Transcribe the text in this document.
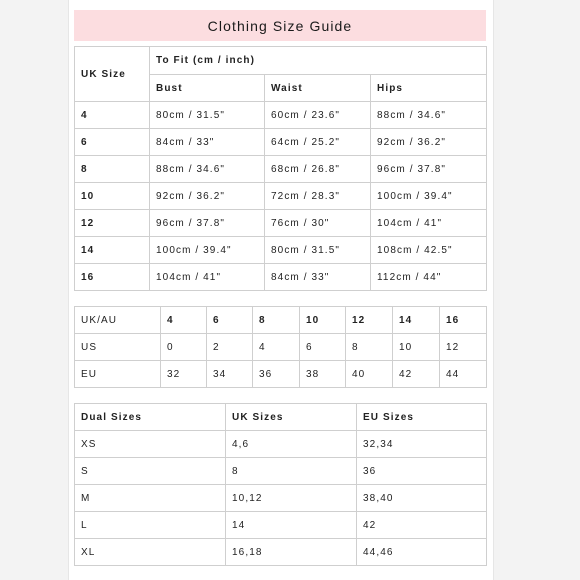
Clothing Size Guide
UK Size	To Fit (cm / inch)		
	Bust	Waist	Hips
4	80cm / 31.5"	60cm / 23.6"	88cm / 34.6"
6	84cm / 33"	64cm / 25.2"	92cm / 36.2"
8	88cm / 34.6"	68cm / 26.8"	96cm / 37.8"
10	92cm / 36.2"	72cm / 28.3"	100cm / 39.4"
12	96cm / 37.8"	76cm / 30"	104cm / 41"
14	100cm / 39.4"	80cm / 31.5"	108cm / 42.5"
16	104cm / 41"	84cm / 33"	112cm / 44"
UK/AU	4	6	8	10	12	14	16
US	0	2	4	6	8	10	12
EU	32	34	36	38	40	42	44
Dual Sizes	UK Sizes	EU Sizes
XS	4,6	32,34
S	8	36
M	10,12	38,40
L	14	42
XL	16,18	44,46
